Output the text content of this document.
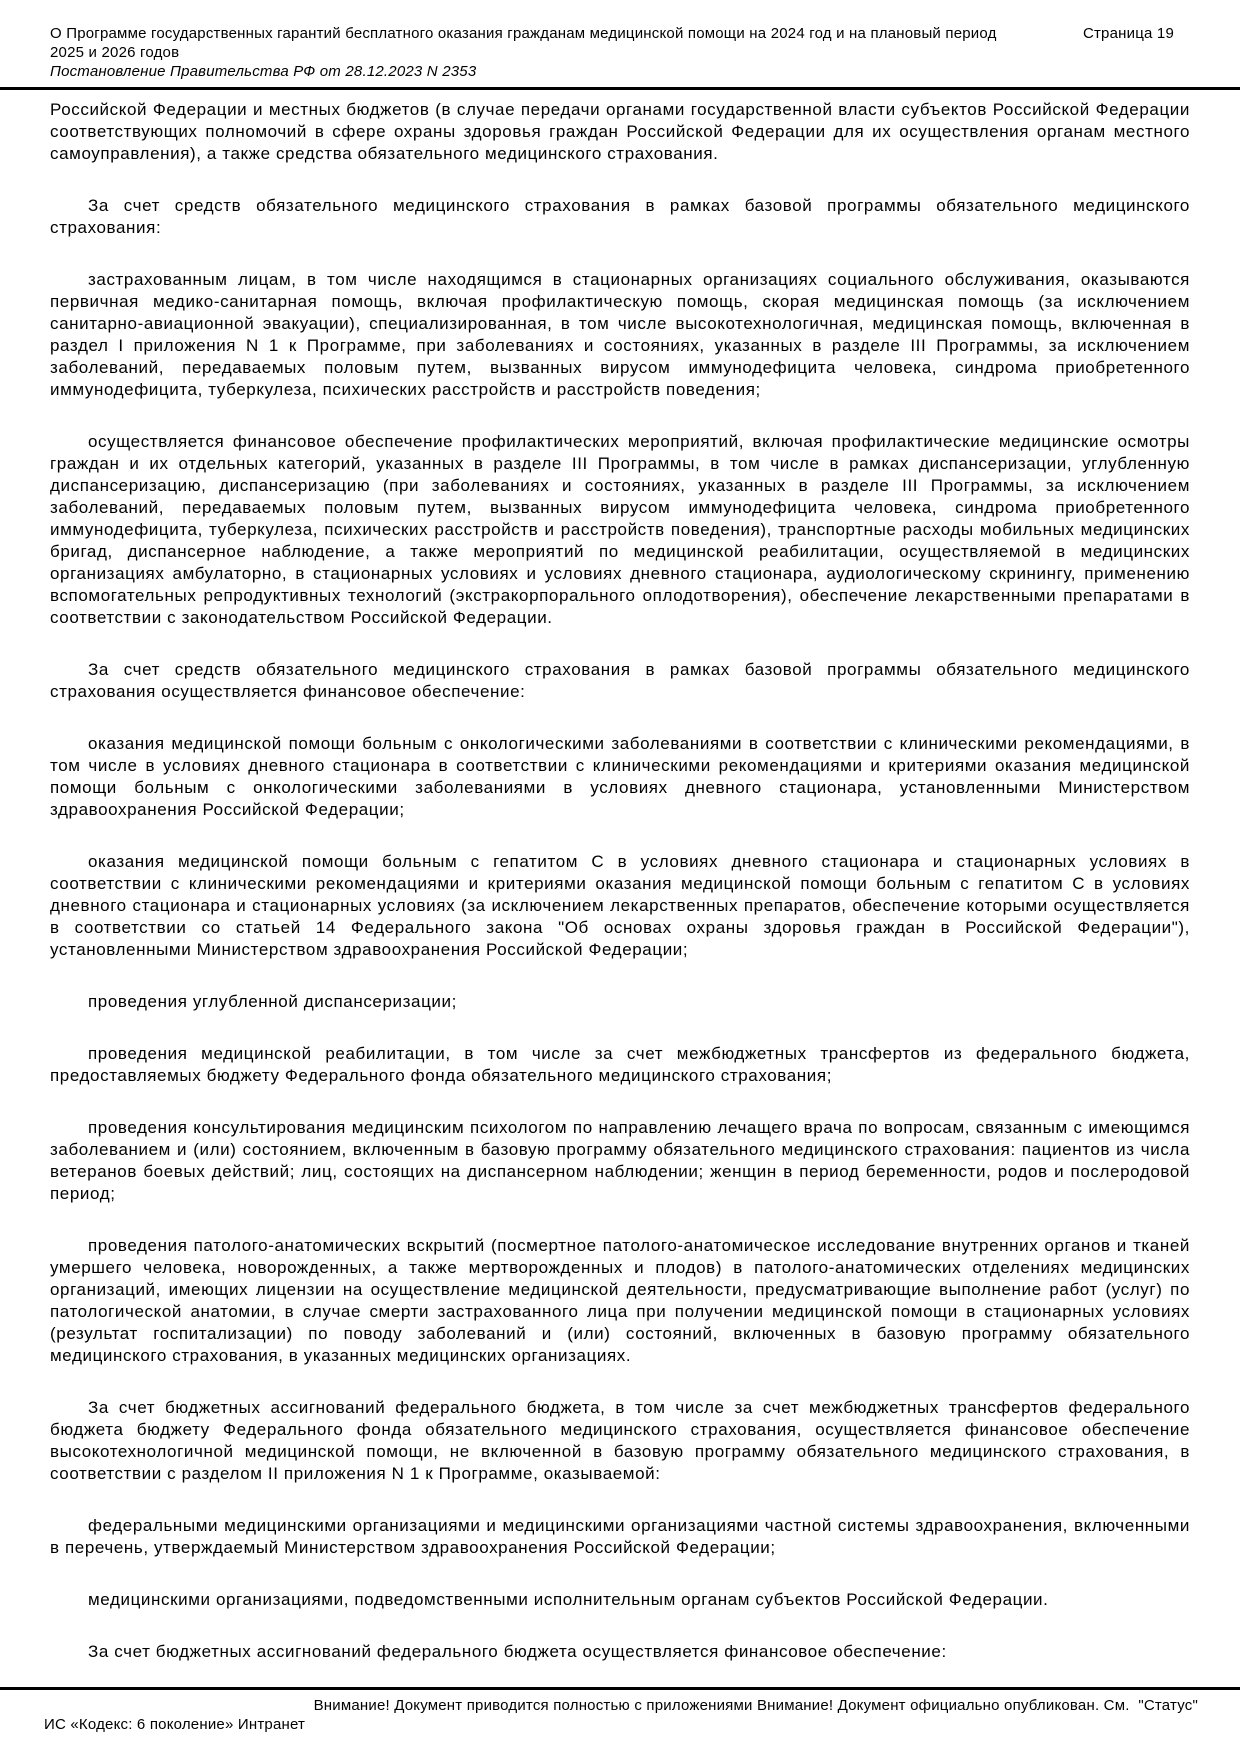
О Программе государственных гарантий бесплатного оказания гражданам медицинской помощи на 2024 год и на плановый период 2025 и 2026 годов
Страница 19
Постановление Правительства РФ от 28.12.2023 N 2353

Российской Федерации и местных бюджетов (в случае передачи органами государственной власти субъектов Российской Федерации соответствующих полномочий в сфере охраны здоровья граждан Российской Федерации для их осуществления органам местного самоуправления), а также средства обязательного медицинского страхования.

За счет средств обязательного медицинского страхования в рамках базовой программы обязательного медицинского страхования:

застрахованным лицам, в том числе находящимся в стационарных организациях социального обслуживания, оказываются первичная медико-санитарная помощь, включая профилактическую помощь, скорая медицинская помощь (за исключением санитарно-авиационной эвакуации), специализированная, в том числе высокотехнологичная, медицинская помощь, включенная в раздел I приложения N 1 к Программе, при заболеваниях и состояниях, указанных в разделе III Программы, за исключением заболеваний, передаваемых половым путем, вызванных вирусом иммунодефицита человека, синдрома приобретенного иммунодефицита, туберкулеза, психических расстройств и расстройств поведения;

осуществляется финансовое обеспечение профилактических мероприятий, включая профилактические медицинские осмотры граждан и их отдельных категорий, указанных в разделе III Программы, в том числе в рамках диспансеризации, углубленную диспансеризацию, диспансеризацию (при заболеваниях и состояниях, указанных в разделе III Программы, за исключением заболеваний, передаваемых половым путем, вызванных вирусом иммунодефицита человека, синдрома приобретенного иммунодефицита, туберкулеза, психических расстройств и расстройств поведения), транспортные расходы мобильных медицинских бригад, диспансерное наблюдение, а также мероприятий по медицинской реабилитации, осуществляемой в медицинских организациях амбулаторно, в стационарных условиях и условиях дневного стационара, аудиологическому скринингу, применению вспомогательных репродуктивных технологий (экстракорпорального оплодотворения), обеспечение лекарственными препаратами в соответствии с законодательством Российской Федерации.

За счет средств обязательного медицинского страхования в рамках базовой программы обязательного медицинского страхования осуществляется финансовое обеспечение:

оказания медицинской помощи больным с онкологическими заболеваниями в соответствии с клиническими рекомендациями, в том числе в условиях дневного стационара в соответствии с клиническими рекомендациями и критериями оказания медицинской помощи больным с онкологическими заболеваниями в условиях дневного стационара, установленными Министерством здравоохранения Российской Федерации;

оказания медицинской помощи больным с гепатитом C в условиях дневного стационара и стационарных условиях в соответствии с клиническими рекомендациями и критериями оказания медицинской помощи больным с гепатитом C в условиях дневного стационара и стационарных условиях (за исключением лекарственных препаратов, обеспечение которыми осуществляется в соответствии со статьей 14 Федерального закона "Об основах охраны здоровья граждан в Российской Федерации"), установленными Министерством здравоохранения Российской Федерации;

проведения углубленной диспансеризации;

проведения медицинской реабилитации, в том числе за счет межбюджетных трансфертов из федерального бюджета, предоставляемых бюджету Федерального фонда обязательного медицинского страхования;

проведения консультирования медицинским психологом по направлению лечащего врача по вопросам, связанным с имеющимся заболеванием и (или) состоянием, включенным в базовую программу обязательного медицинского страхования: пациентов из числа ветеранов боевых действий; лиц, состоящих на диспансерном наблюдении; женщин в период беременности, родов и послеродовой период;

проведения патолого-анатомических вскрытий (посмертное патолого-анатомическое исследование внутренних органов и тканей умершего человека, новорожденных, а также мертворожденных и плодов) в патолого-анатомических отделениях медицинских организаций, имеющих лицензии на осуществление медицинской деятельности, предусматривающие выполнение работ (услуг) по патологической анатомии, в случае смерти застрахованного лица при получении медицинской помощи в стационарных условиях (результат госпитализации) по поводу заболеваний и (или) состояний, включенных в базовую программу обязательного медицинского страхования, в указанных медицинских организациях.

За счет бюджетных ассигнований федерального бюджета, в том числе за счет межбюджетных трансфертов федерального бюджета бюджету Федерального фонда обязательного медицинского страхования, осуществляется финансовое обеспечение высокотехнологичной медицинской помощи, не включенной в базовую программу обязательного медицинского страхования, в соответствии с разделом II приложения N 1 к Программе, оказываемой:

федеральными медицинскими организациями и медицинскими организациями частной системы здравоохранения, включенными в перечень, утверждаемый Министерством здравоохранения Российской Федерации;

медицинскими организациями, подведомственными исполнительным органам субъектов Российской Федерации.

За счет бюджетных ассигнований федерального бюджета осуществляется финансовое обеспечение:

Внимание! Документ приводится полностью с приложениями Внимание! Документ официально опубликован. См.  "Статус"
ИС «Кодекс: 6 поколение» Интранет
